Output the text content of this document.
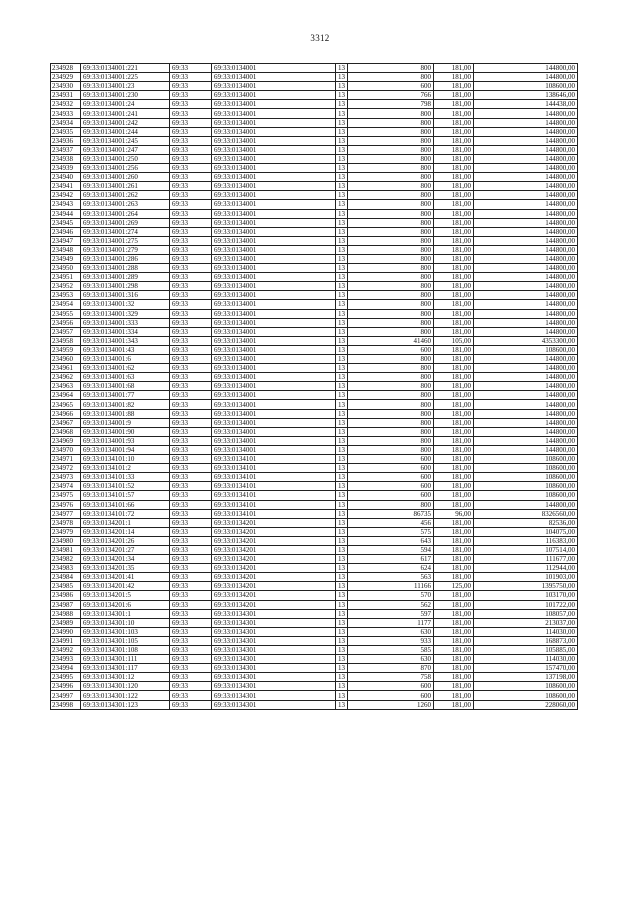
3312
234928	69:33:0134001:221	69:33	69:33:0134001	13	800	181,00	144800,00
234929	69:33:0134001:225	69:33	69:33:0134001	13	800	181,00	144800,00
234930	69:33:0134001:23	69:33	69:33:0134001	13	600	181,00	108600,00
234931	69:33:0134001:230	69:33	69:33:0134001	13	766	181,00	138646,00
234932	69:33:0134001:24	69:33	69:33:0134001	13	798	181,00	144438,00
234933	69:33:0134001:241	69:33	69:33:0134001	13	800	181,00	144800,00
234934	69:33:0134001:242	69:33	69:33:0134001	13	800	181,00	144800,00
234935	69:33:0134001:244	69:33	69:33:0134001	13	800	181,00	144800,00
234936	69:33:0134001:245	69:33	69:33:0134001	13	800	181,00	144800,00
234937	69:33:0134001:247	69:33	69:33:0134001	13	800	181,00	144800,00
234938	69:33:0134001:250	69:33	69:33:0134001	13	800	181,00	144800,00
234939	69:33:0134001:256	69:33	69:33:0134001	13	800	181,00	144800,00
234940	69:33:0134001:260	69:33	69:33:0134001	13	800	181,00	144800,00
234941	69:33:0134001:261	69:33	69:33:0134001	13	800	181,00	144800,00
234942	69:33:0134001:262	69:33	69:33:0134001	13	800	181,00	144800,00
234943	69:33:0134001:263	69:33	69:33:0134001	13	800	181,00	144800,00
234944	69:33:0134001:264	69:33	69:33:0134001	13	800	181,00	144800,00
234945	69:33:0134001:269	69:33	69:33:0134001	13	800	181,00	144800,00
234946	69:33:0134001:274	69:33	69:33:0134001	13	800	181,00	144800,00
234947	69:33:0134001:275	69:33	69:33:0134001	13	800	181,00	144800,00
234948	69:33:0134001:279	69:33	69:33:0134001	13	800	181,00	144800,00
234949	69:33:0134001:286	69:33	69:33:0134001	13	800	181,00	144800,00
234950	69:33:0134001:288	69:33	69:33:0134001	13	800	181,00	144800,00
234951	69:33:0134001:289	69:33	69:33:0134001	13	800	181,00	144800,00
234952	69:33:0134001:298	69:33	69:33:0134001	13	800	181,00	144800,00
234953	69:33:0134001:316	69:33	69:33:0134001	13	800	181,00	144800,00
234954	69:33:0134001:32	69:33	69:33:0134001	13	800	181,00	144800,00
234955	69:33:0134001:329	69:33	69:33:0134001	13	800	181,00	144800,00
234956	69:33:0134001:333	69:33	69:33:0134001	13	800	181,00	144800,00
234957	69:33:0134001:334	69:33	69:33:0134001	13	800	181,00	144800,00
234958	69:33:0134001:343	69:33	69:33:0134001	13	41460	105,00	4353300,00
234959	69:33:0134001:43	69:33	69:33:0134001	13	600	181,00	108600,00
234960	69:33:0134001:6	69:33	69:33:0134001	13	800	181,00	144800,00
234961	69:33:0134001:62	69:33	69:33:0134001	13	800	181,00	144800,00
234962	69:33:0134001:63	69:33	69:33:0134001	13	800	181,00	144800,00
234963	69:33:0134001:68	69:33	69:33:0134001	13	800	181,00	144800,00
234964	69:33:0134001:77	69:33	69:33:0134001	13	800	181,00	144800,00
234965	69:33:0134001:82	69:33	69:33:0134001	13	800	181,00	144800,00
234966	69:33:0134001:88	69:33	69:33:0134001	13	800	181,00	144800,00
234967	69:33:0134001:9	69:33	69:33:0134001	13	800	181,00	144800,00
234968	69:33:0134001:90	69:33	69:33:0134001	13	800	181,00	144800,00
234969	69:33:0134001:93	69:33	69:33:0134001	13	800	181,00	144800,00
234970	69:33:0134001:94	69:33	69:33:0134001	13	800	181,00	144800,00
234971	69:33:0134101:10	69:33	69:33:0134101	13	600	181,00	108600,00
234972	69:33:0134101:2	69:33	69:33:0134101	13	600	181,00	108600,00
234973	69:33:0134101:33	69:33	69:33:0134101	13	600	181,00	108600,00
234974	69:33:0134101:52	69:33	69:33:0134101	13	600	181,00	108600,00
234975	69:33:0134101:57	69:33	69:33:0134101	13	600	181,00	108600,00
234976	69:33:0134101:66	69:33	69:33:0134101	13	800	181,00	144800,00
234977	69:33:0134101:72	69:33	69:33:0134101	13	86735	96,00	8326560,00
234978	69:33:0134201:1	69:33	69:33:0134201	13	456	181,00	82536,00
234979	69:33:0134201:14	69:33	69:33:0134201	13	575	181,00	104075,00
234980	69:33:0134201:26	69:33	69:33:0134201	13	643	181,00	116383,00
234981	69:33:0134201:27	69:33	69:33:0134201	13	594	181,00	107514,00
234982	69:33:0134201:34	69:33	69:33:0134201	13	617	181,00	111677,00
234983	69:33:0134201:35	69:33	69:33:0134201	13	624	181,00	112944,00
234984	69:33:0134201:41	69:33	69:33:0134201	13	563	181,00	101903,00
234985	69:33:0134201:42	69:33	69:33:0134201	13	11166	125,00	1395750,00
234986	69:33:0134201:5	69:33	69:33:0134201	13	570	181,00	103170,00
234987	69:33:0134201:6	69:33	69:33:0134201	13	562	181,00	101722,00
234988	69:33:0134301:1	69:33	69:33:0134301	13	597	181,00	108057,00
234989	69:33:0134301:10	69:33	69:33:0134301	13	1177	181,00	213037,00
234990	69:33:0134301:103	69:33	69:33:0134301	13	630	181,00	114030,00
234991	69:33:0134301:105	69:33	69:33:0134301	13	933	181,00	168873,00
234992	69:33:0134301:108	69:33	69:33:0134301	13	585	181,00	105885,00
234993	69:33:0134301:111	69:33	69:33:0134301	13	630	181,00	114030,00
234994	69:33:0134301:117	69:33	69:33:0134301	13	870	181,00	157470,00
234995	69:33:0134301:12	69:33	69:33:0134301	13	758	181,00	137198,00
234996	69:33:0134301:120	69:33	69:33:0134301	13	600	181,00	108600,00
234997	69:33:0134301:122	69:33	69:33:0134301	13	600	181,00	108600,00
234998	69:33:0134301:123	69:33	69:33:0134301	13	1260	181,00	228060,00
